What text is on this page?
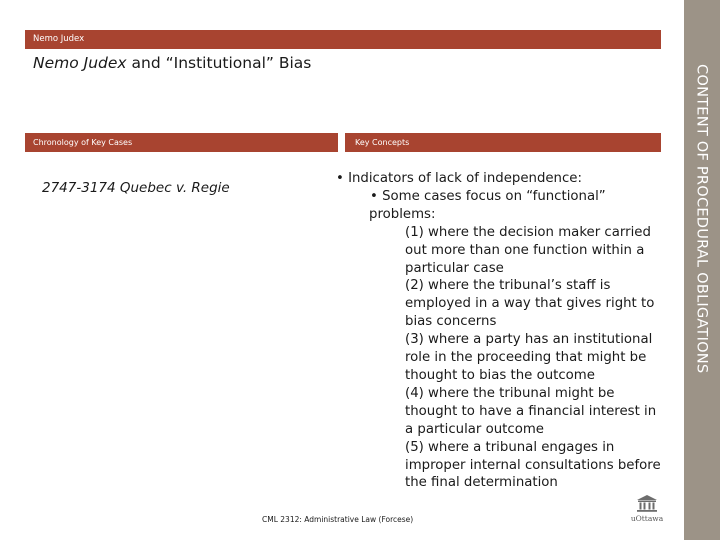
CONTENT OF PROCEDURAL OBLIGATIONS
Nemo Judex
Nemo Judex and “Institutional” Bias
Chronology of Key Cases	Key Concepts
2747-3174 Quebec v. Regie
• Indicators of lack of independence:
• Some cases focus on “functional”
problems:
(1) where the decision maker carried
out more than one function within a
particular case
(2) where the tribunal’s staff is
employed in a way that gives right to
bias concerns
(3) where a party has an institutional
role in the proceeding that might be
thought to bias the outcome
(4) where the tribunal might be
thought to have a financial interest in
a particular outcome
(5) where a tribunal engages in
improper internal consultations before
the final determination
CML 2312: Administrative Law (Forcese)	uOttawa
